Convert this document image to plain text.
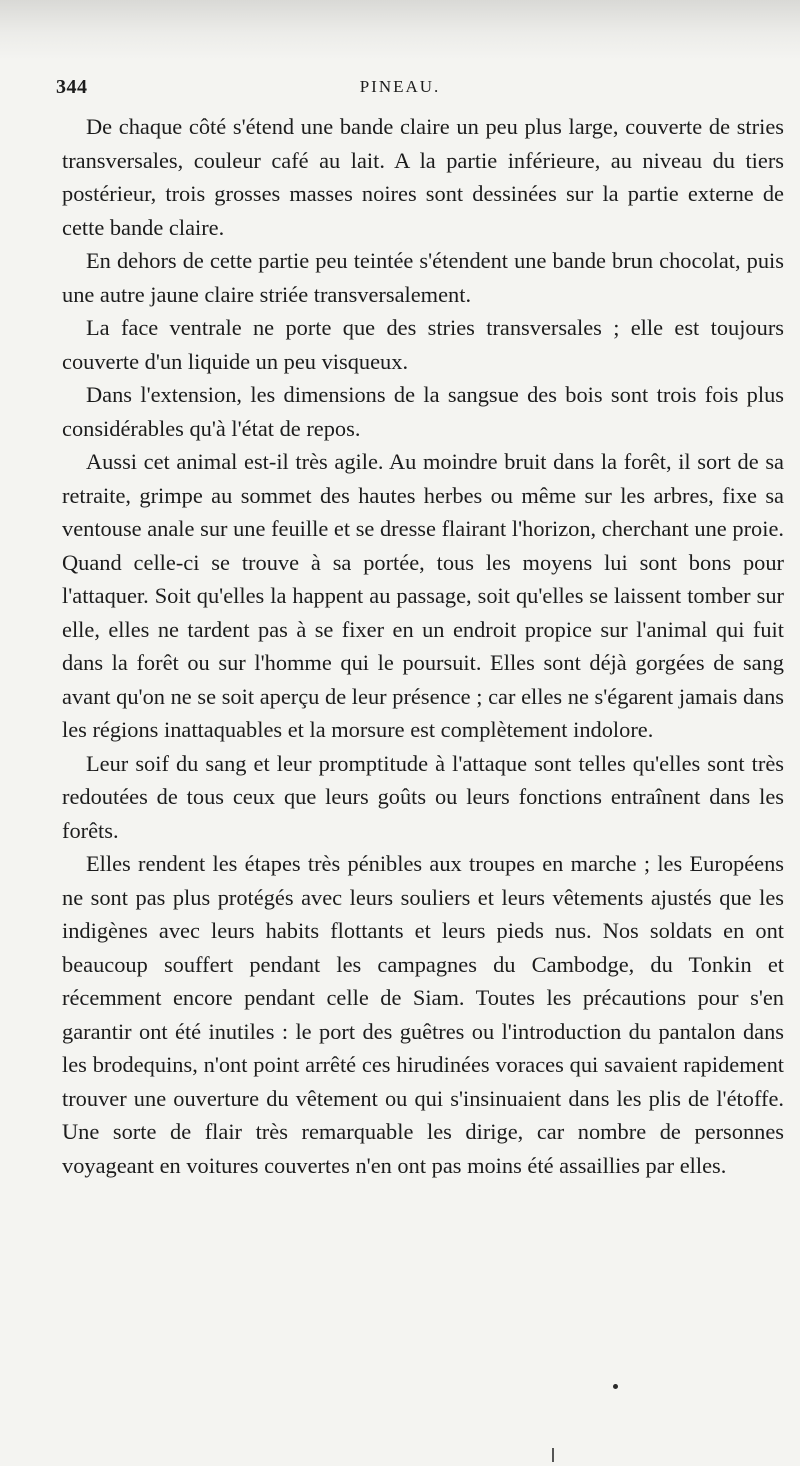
344	PINEAU.

De chaque côté s'étend une bande claire un peu plus large, couverte de stries transversales, couleur café au lait. A la partie inférieure, au niveau du tiers postérieur, trois grosses masses noires sont dessinées sur la partie externe de cette bande claire.

En dehors de cette partie peu teintée s'étendent une bande brun chocolat, puis une autre jaune claire striée transversalement.

La face ventrale ne porte que des stries transversales ; elle est toujours couverte d'un liquide un peu visqueux.

Dans l'extension, les dimensions de la sangsue des bois sont trois fois plus considérables qu'à l'état de repos.

Aussi cet animal est-il très agile. Au moindre bruit dans la forêt, il sort de sa retraite, grimpe au sommet des hautes herbes ou même sur les arbres, fixe sa ventouse anale sur une feuille et se dresse flairant l'horizon, cherchant une proie. Quand celle-ci se trouve à sa portée, tous les moyens lui sont bons pour l'attaquer. Soit qu'elles la happent au passage, soit qu'elles se laissent tomber sur elle, elles ne tardent pas à se fixer en un endroit propice sur l'animal qui fuit dans la forêt ou sur l'homme qui le poursuit. Elles sont déjà gorgées de sang avant qu'on ne se soit aperçu de leur présence ; car elles ne s'égarent jamais dans les régions inattaquables et la morsure est complètement indolore.

Leur soif du sang et leur promptitude à l'attaque sont telles qu'elles sont très redoutées de tous ceux que leurs goûts ou leurs fonctions entraînent dans les forêts.

Elles rendent les étapes très pénibles aux troupes en marche ; les Européens ne sont pas plus protégés avec leurs souliers et leurs vêtements ajustés que les indigènes avec leurs habits flottants et leurs pieds nus. Nos soldats en ont beaucoup souffert pendant les campagnes du Cambodge, du Tonkin et récemment encore pendant celle de Siam. Toutes les précautions pour s'en garantir ont été inutiles : le port des guêtres ou l'introduction du pantalon dans les brodequins, n'ont point arrêté ces hirudinées voraces qui savaient rapidement trouver une ouverture du vêtement ou qui s'insinuaient dans les plis de l'étoffe. Une sorte de flair très remarquable les dirige, car nombre de personnes voyageant en voitures couvertes n'en ont pas moins été assaillies par elles.
